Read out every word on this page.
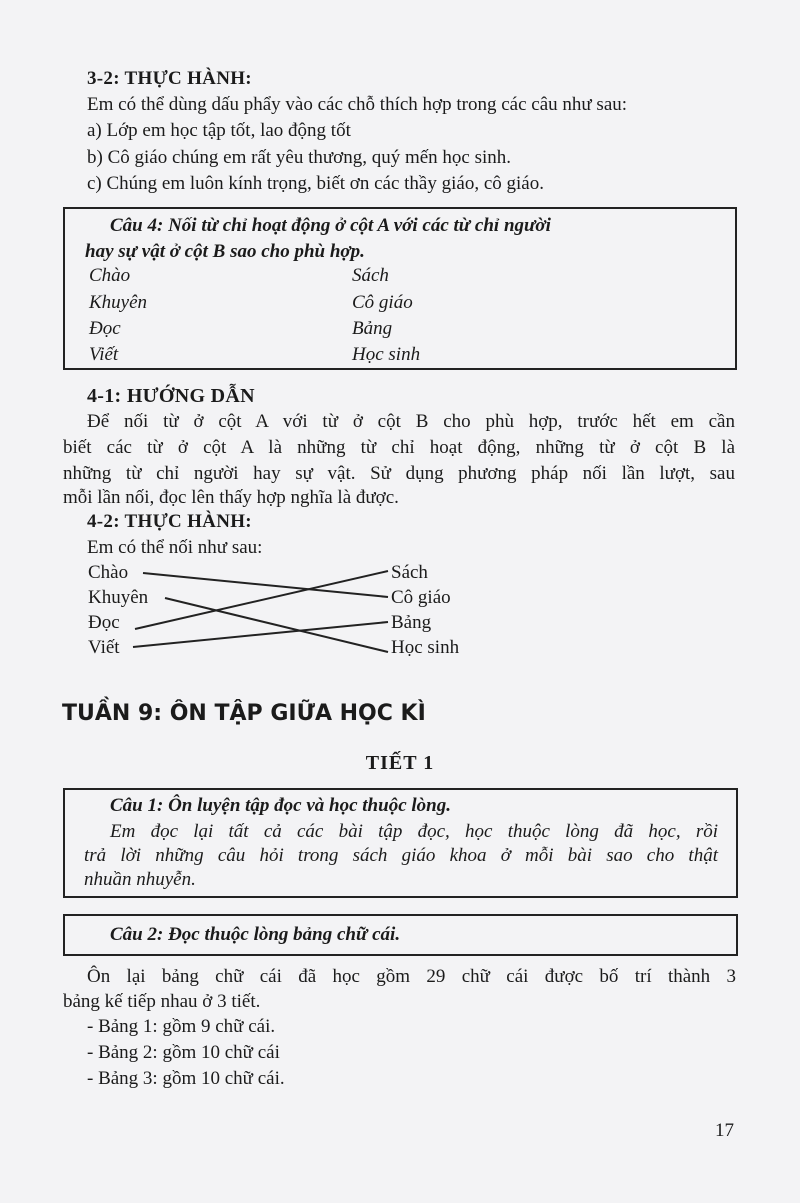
3-2: THỰC HÀNH:
Em có thể dùng dấu phẩy vào các chỗ thích hợp trong các câu như sau:
a) Lớp em học tập tốt, lao động tốt
b) Cô giáo chúng em rất yêu thương, quý mến học sinh.
c) Chúng em luôn kính trọng, biết ơn các thầy giáo, cô giáo.
Câu 4: Nối từ chỉ hoạt động ở cột A với các từ chỉ người
hay sự vật ở cột B sao cho phù hợp.
Chào
Khuyên
Đọc
Viết
Sách
Cô giáo
Bảng
Học sinh
4-1: HƯỚNG DẪN
Để nối từ ở cột A với từ ở cột B cho phù hợp, trước hết em cần
biết các từ ở cột A là những từ chỉ hoạt động, những từ ở cột B là
những từ chỉ người hay sự vật. Sử dụng phương pháp nối lần lượt, sau
mỗi lần nối, đọc lên thấy hợp nghĩa là được.
4-2: THỰC HÀNH:
Em có thể nối như sau:
Chào
Khuyên
Đọc
Viết
Sách
Cô giáo
Bảng
Học sinh
TUẦN 9: ÔN TẬP GIỮA HỌC KÌ
TIẾT 1
Câu 1: Ôn luyện tập đọc và học thuộc lòng.
Em đọc lại tất cả các bài tập đọc, học thuộc lòng đã học, rồi
trả lời những câu hỏi trong sách giáo khoa ở mỗi bài sao cho thật
nhuần nhuyễn.
Câu 2: Đọc thuộc lòng bảng chữ cái.
Ôn lại bảng chữ cái đã học gồm 29 chữ cái được bố trí thành 3
bảng kế tiếp nhau ở 3 tiết.
- Bảng 1: gồm 9 chữ cái.
- Bảng 2: gồm 10 chữ cái
- Bảng 3: gồm 10 chữ cái.
17
